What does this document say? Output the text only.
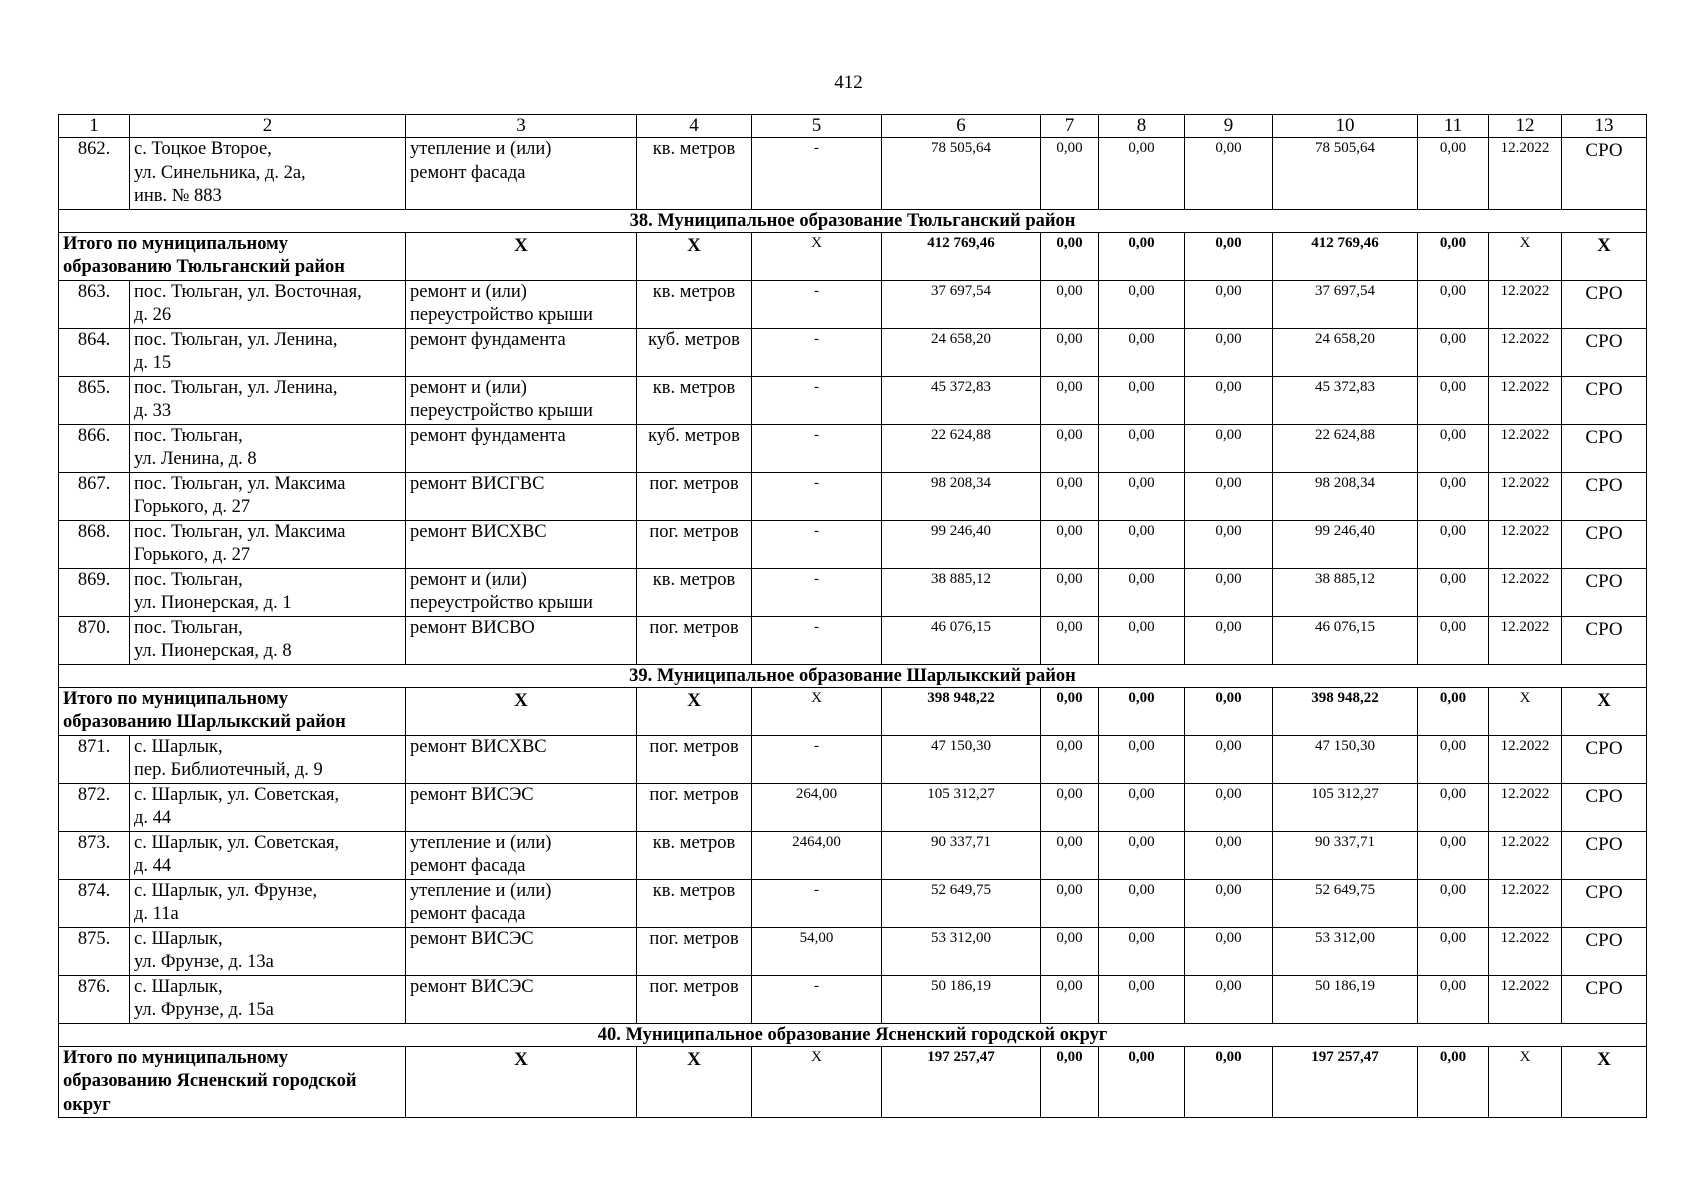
412
1	2	3	4	5	6	7	8	9	10	11	12	13
862.	с. Тоцкое Второе,
ул. Синельника, д. 2а,
инв. № 883	утепление и (или)
ремонт фасада	кв. метров	-	78 505,64	0,00	0,00	0,00	78 505,64	0,00	12.2022	СРО
38. Муниципальное образование Тюльганский район												
Итого по муниципальному
образованию Тюльганский район		X	X	X	412 769,46	0,00	0,00	0,00	412 769,46	0,00	X	X
863.	пос. Тюльган, ул. Восточная,
д. 26	ремонт и (или)
переустройство крыши	кв. метров	-	37 697,54	0,00	0,00	0,00	37 697,54	0,00	12.2022	СРО
864.	пос. Тюльган, ул. Ленина,
д. 15	ремонт фундамента	куб. метров	-	24 658,20	0,00	0,00	0,00	24 658,20	0,00	12.2022	СРО
865.	пос. Тюльган, ул. Ленина,
д. 33	ремонт и (или)
переустройство крыши	кв. метров	-	45 372,83	0,00	0,00	0,00	45 372,83	0,00	12.2022	СРО
866.	пос. Тюльган,
ул. Ленина, д. 8	ремонт фундамента	куб. метров	-	22 624,88	0,00	0,00	0,00	22 624,88	0,00	12.2022	СРО
867.	пос. Тюльган, ул. Максима
Горького, д. 27	ремонт ВИСГВС	пог. метров	-	98 208,34	0,00	0,00	0,00	98 208,34	0,00	12.2022	СРО
868.	пос. Тюльган, ул. Максима
Горького, д. 27	ремонт ВИСХВС	пог. метров	-	99 246,40	0,00	0,00	0,00	99 246,40	0,00	12.2022	СРО
869.	пос. Тюльган,
ул. Пионерская, д. 1	ремонт и (или)
переустройство крыши	кв. метров	-	38 885,12	0,00	0,00	0,00	38 885,12	0,00	12.2022	СРО
870.	пос. Тюльган,
ул. Пионерская, д. 8	ремонт ВИСВО	пог. метров	-	46 076,15	0,00	0,00	0,00	46 076,15	0,00	12.2022	СРО
39. Муниципальное образование Шарлыкский район												
Итого по муниципальному
образованию Шарлыкский район		X	X	X	398 948,22	0,00	0,00	0,00	398 948,22	0,00	X	X
871.	с. Шарлык,
пер. Библиотечный, д. 9	ремонт ВИСХВС	пог. метров	-	47 150,30	0,00	0,00	0,00	47 150,30	0,00	12.2022	СРО
872.	с. Шарлык, ул. Советская,
д. 44	ремонт ВИСЭС	пог. метров	264,00	105 312,27	0,00	0,00	0,00	105 312,27	0,00	12.2022	СРО
873.	с. Шарлык, ул. Советская,
д. 44	утепление и (или)
ремонт фасада	кв. метров	2464,00	90 337,71	0,00	0,00	0,00	90 337,71	0,00	12.2022	СРО
874.	с. Шарлык, ул. Фрунзе,
д. 11а	утепление и (или)
ремонт фасада	кв. метров	-	52 649,75	0,00	0,00	0,00	52 649,75	0,00	12.2022	СРО
875.	с. Шарлык,
ул. Фрунзе, д. 13а	ремонт ВИСЭС	пог. метров	54,00	53 312,00	0,00	0,00	0,00	53 312,00	0,00	12.2022	СРО
876.	с. Шарлык,
ул. Фрунзе, д. 15а	ремонт ВИСЭС	пог. метров	-	50 186,19	0,00	0,00	0,00	50 186,19	0,00	12.2022	СРО
40. Муниципальное образование Ясненский городской округ												
Итого по муниципальному
образованию Ясненский городской
округ		X	X	X	197 257,47	0,00	0,00	0,00	197 257,47	0,00	X	X
